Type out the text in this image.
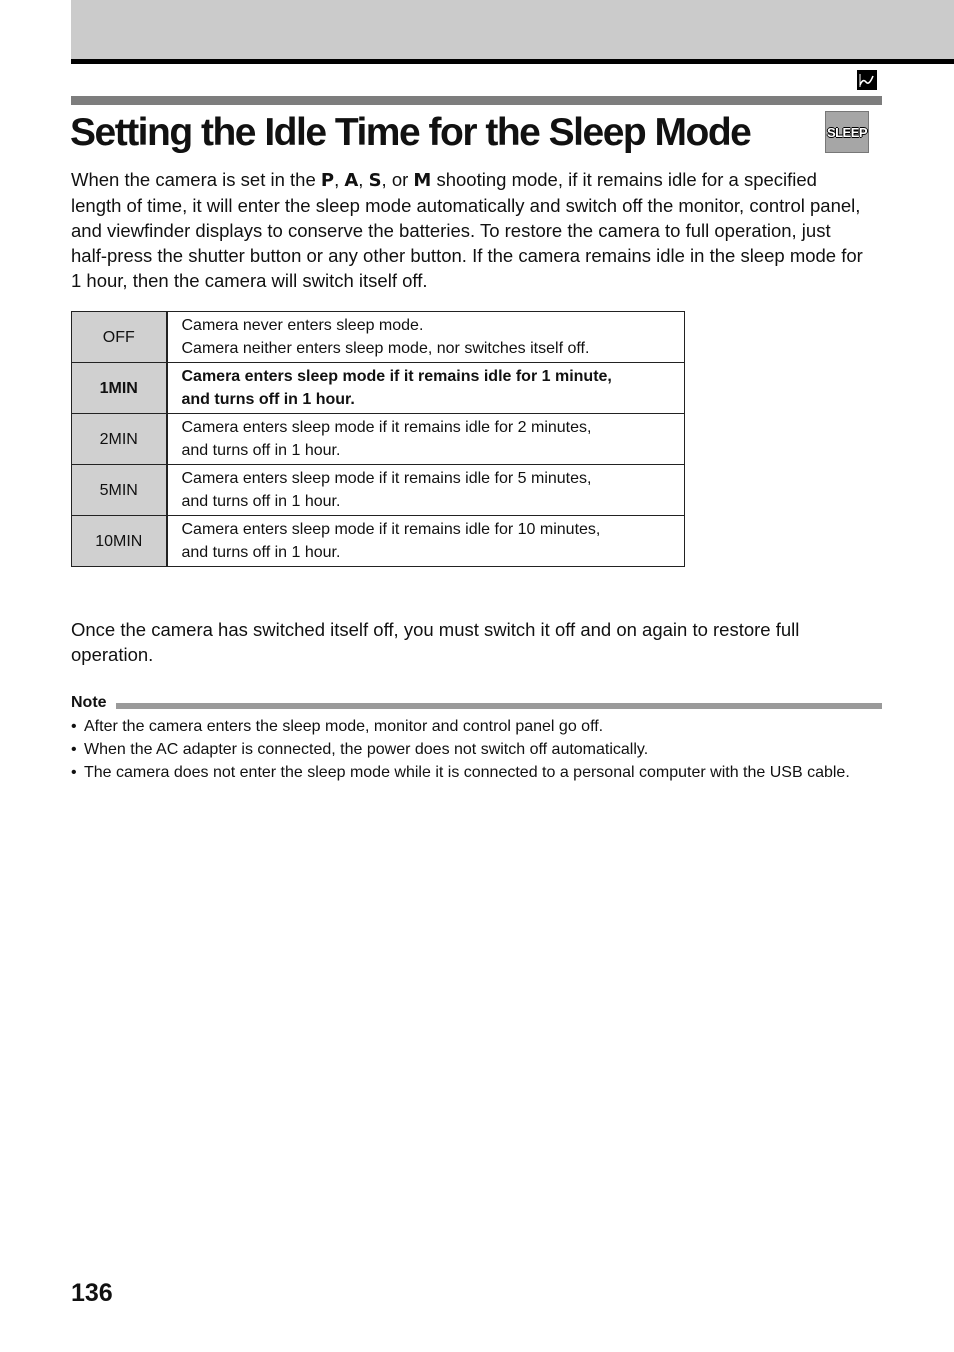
Setting the Idle Time for the Sleep Mode	SLEEP

When the camera is set in the P, A, S, or M shooting mode, if it remains idle for a specified length of time, it will enter the sleep mode automatically and switch off the monitor, control panel, and viewfinder displays to conserve the batteries. To restore the camera to full operation, just half-press the shutter button or any other button. If the camera remains idle in the sleep mode for 1 hour, then the camera will switch itself off.

OFF	Camera never enters sleep mode.
Camera neither enters sleep mode, nor switches itself off.
1MIN	Camera enters sleep mode if it remains idle for 1 minute,
and turns off in 1 hour.
2MIN	Camera enters sleep mode if it remains idle for 2 minutes,
and turns off in 1 hour.
5MIN	Camera enters sleep mode if it remains idle for 5 minutes,
and turns off in 1 hour.
10MIN	Camera enters sleep mode if it remains idle for 10 minutes,
and turns off in 1 hour.

Once the camera has switched itself off, you must switch it off and on again to restore full operation.

Note
• After the camera enters the sleep mode, monitor and control panel go off.
• When the AC adapter is connected, the power does not switch off automatically.
• The camera does not enter the sleep mode while it is connected to a personal computer with the USB cable.
136
